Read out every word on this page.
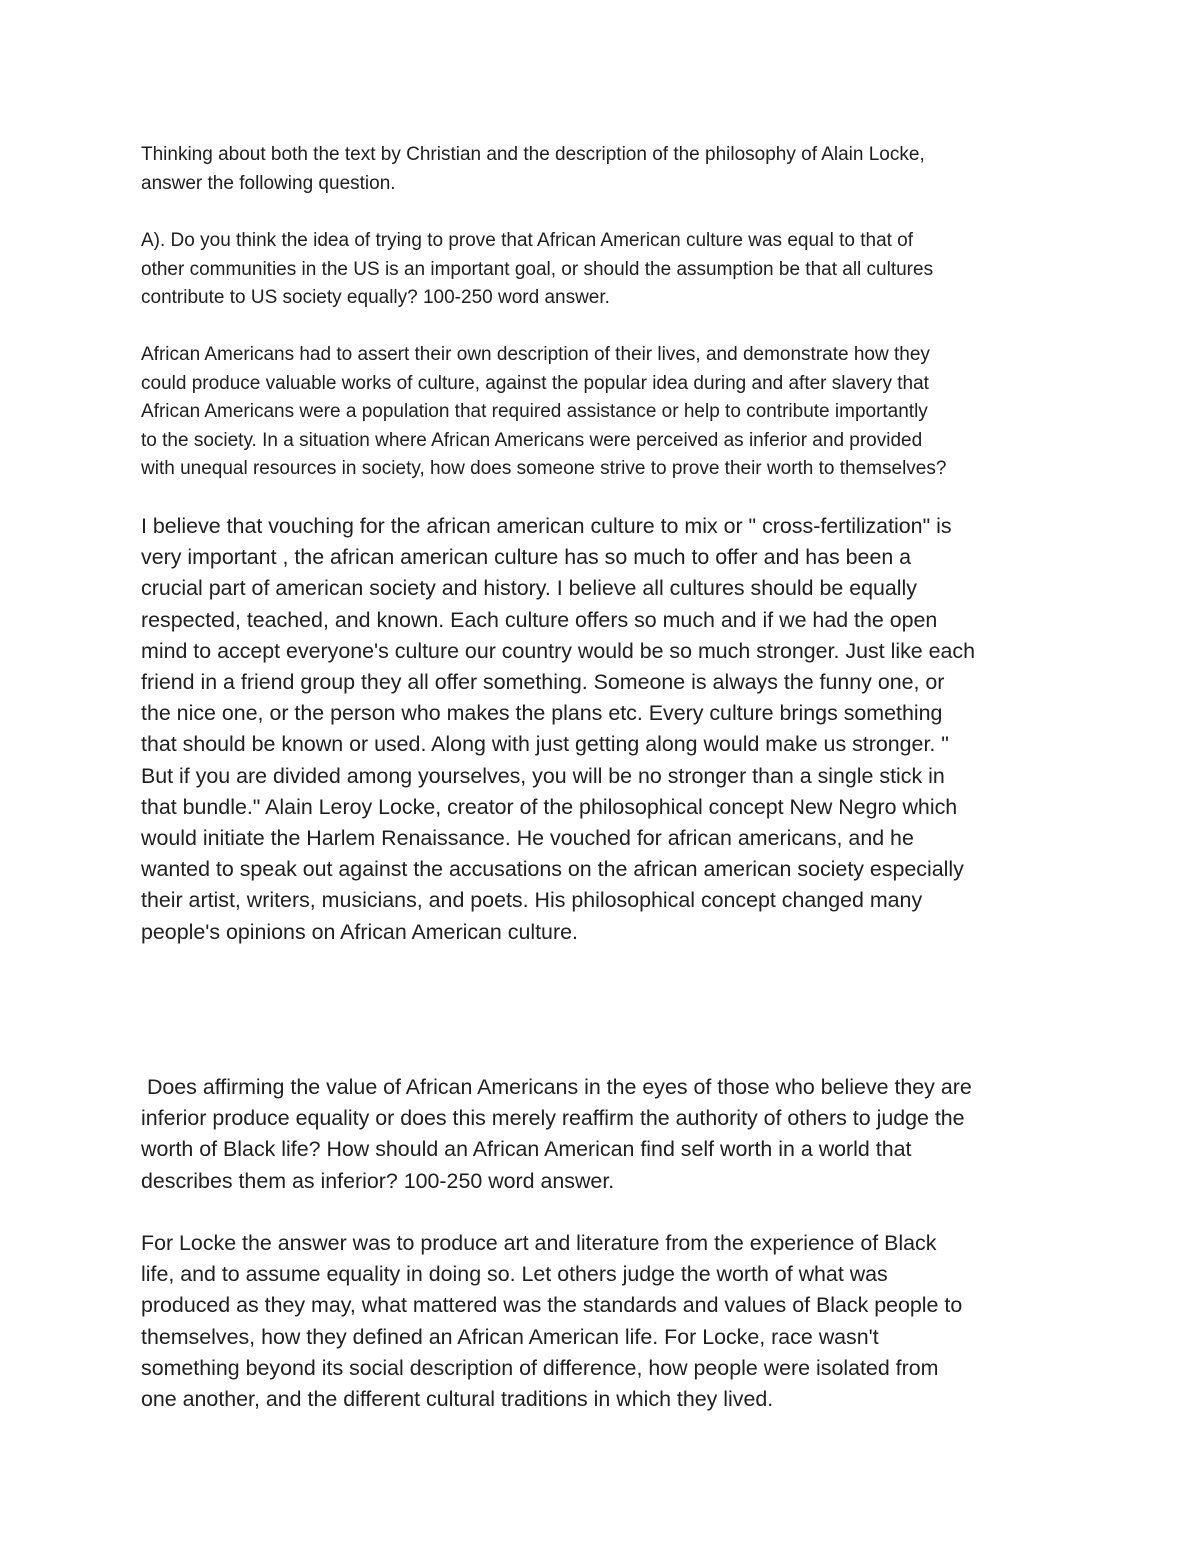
Thinking about both the text by Christian and the description of the philosophy of Alain Locke,
answer the following question.

A). Do you think the idea of trying to prove that African American culture was equal to that of
other communities in the US is an important goal, or should the assumption be that all cultures
contribute to US society equally? 100-250 word answer.

African Americans had to assert their own description of their lives, and demonstrate how they
could produce valuable works of culture, against the popular idea during and after slavery that
African Americans were a population that required assistance or help to contribute importantly
to the society. In a situation where African Americans were perceived as inferior and provided
with unequal resources in society, how does someone strive to prove their worth to themselves?

I believe that vouching for the african american culture to mix or " cross-fertilization" is
very important , the african american culture has so much to offer and has been a
crucial part of american society and history. I believe all cultures should be equally
respected, teached, and known. Each culture offers so much and if we had the open
mind to accept everyone's culture our country would be so much stronger. Just like each
friend in a friend group they all offer something. Someone is always the funny one, or
the nice one, or the person who makes the plans etc. Every culture brings something
that should be known or used. Along with just getting along would make us stronger. "
But if you are divided among yourselves, you will be no stronger than a single stick in
that bundle." Alain Leroy Locke, creator of the philosophical concept New Negro which
would initiate the Harlem Renaissance. He vouched for african americans, and he
wanted to speak out against the accusations on the african american society especially
their artist, writers, musicians, and poets. His philosophical concept changed many
people's opinions on African American culture.

Does affirming the value of African Americans in the eyes of those who believe they are
inferior produce equality or does this merely reaffirm the authority of others to judge the
worth of Black life? How should an African American find self worth in a world that
describes them as inferior? 100-250 word answer.

For Locke the answer was to produce art and literature from the experience of Black
life, and to assume equality in doing so. Let others judge the worth of what was
produced as they may, what mattered was the standards and values of Black people to
themselves, how they defined an African American life. For Locke, race wasn't
something beyond its social description of difference, how people were isolated from
one another, and the different cultural traditions in which they lived.
